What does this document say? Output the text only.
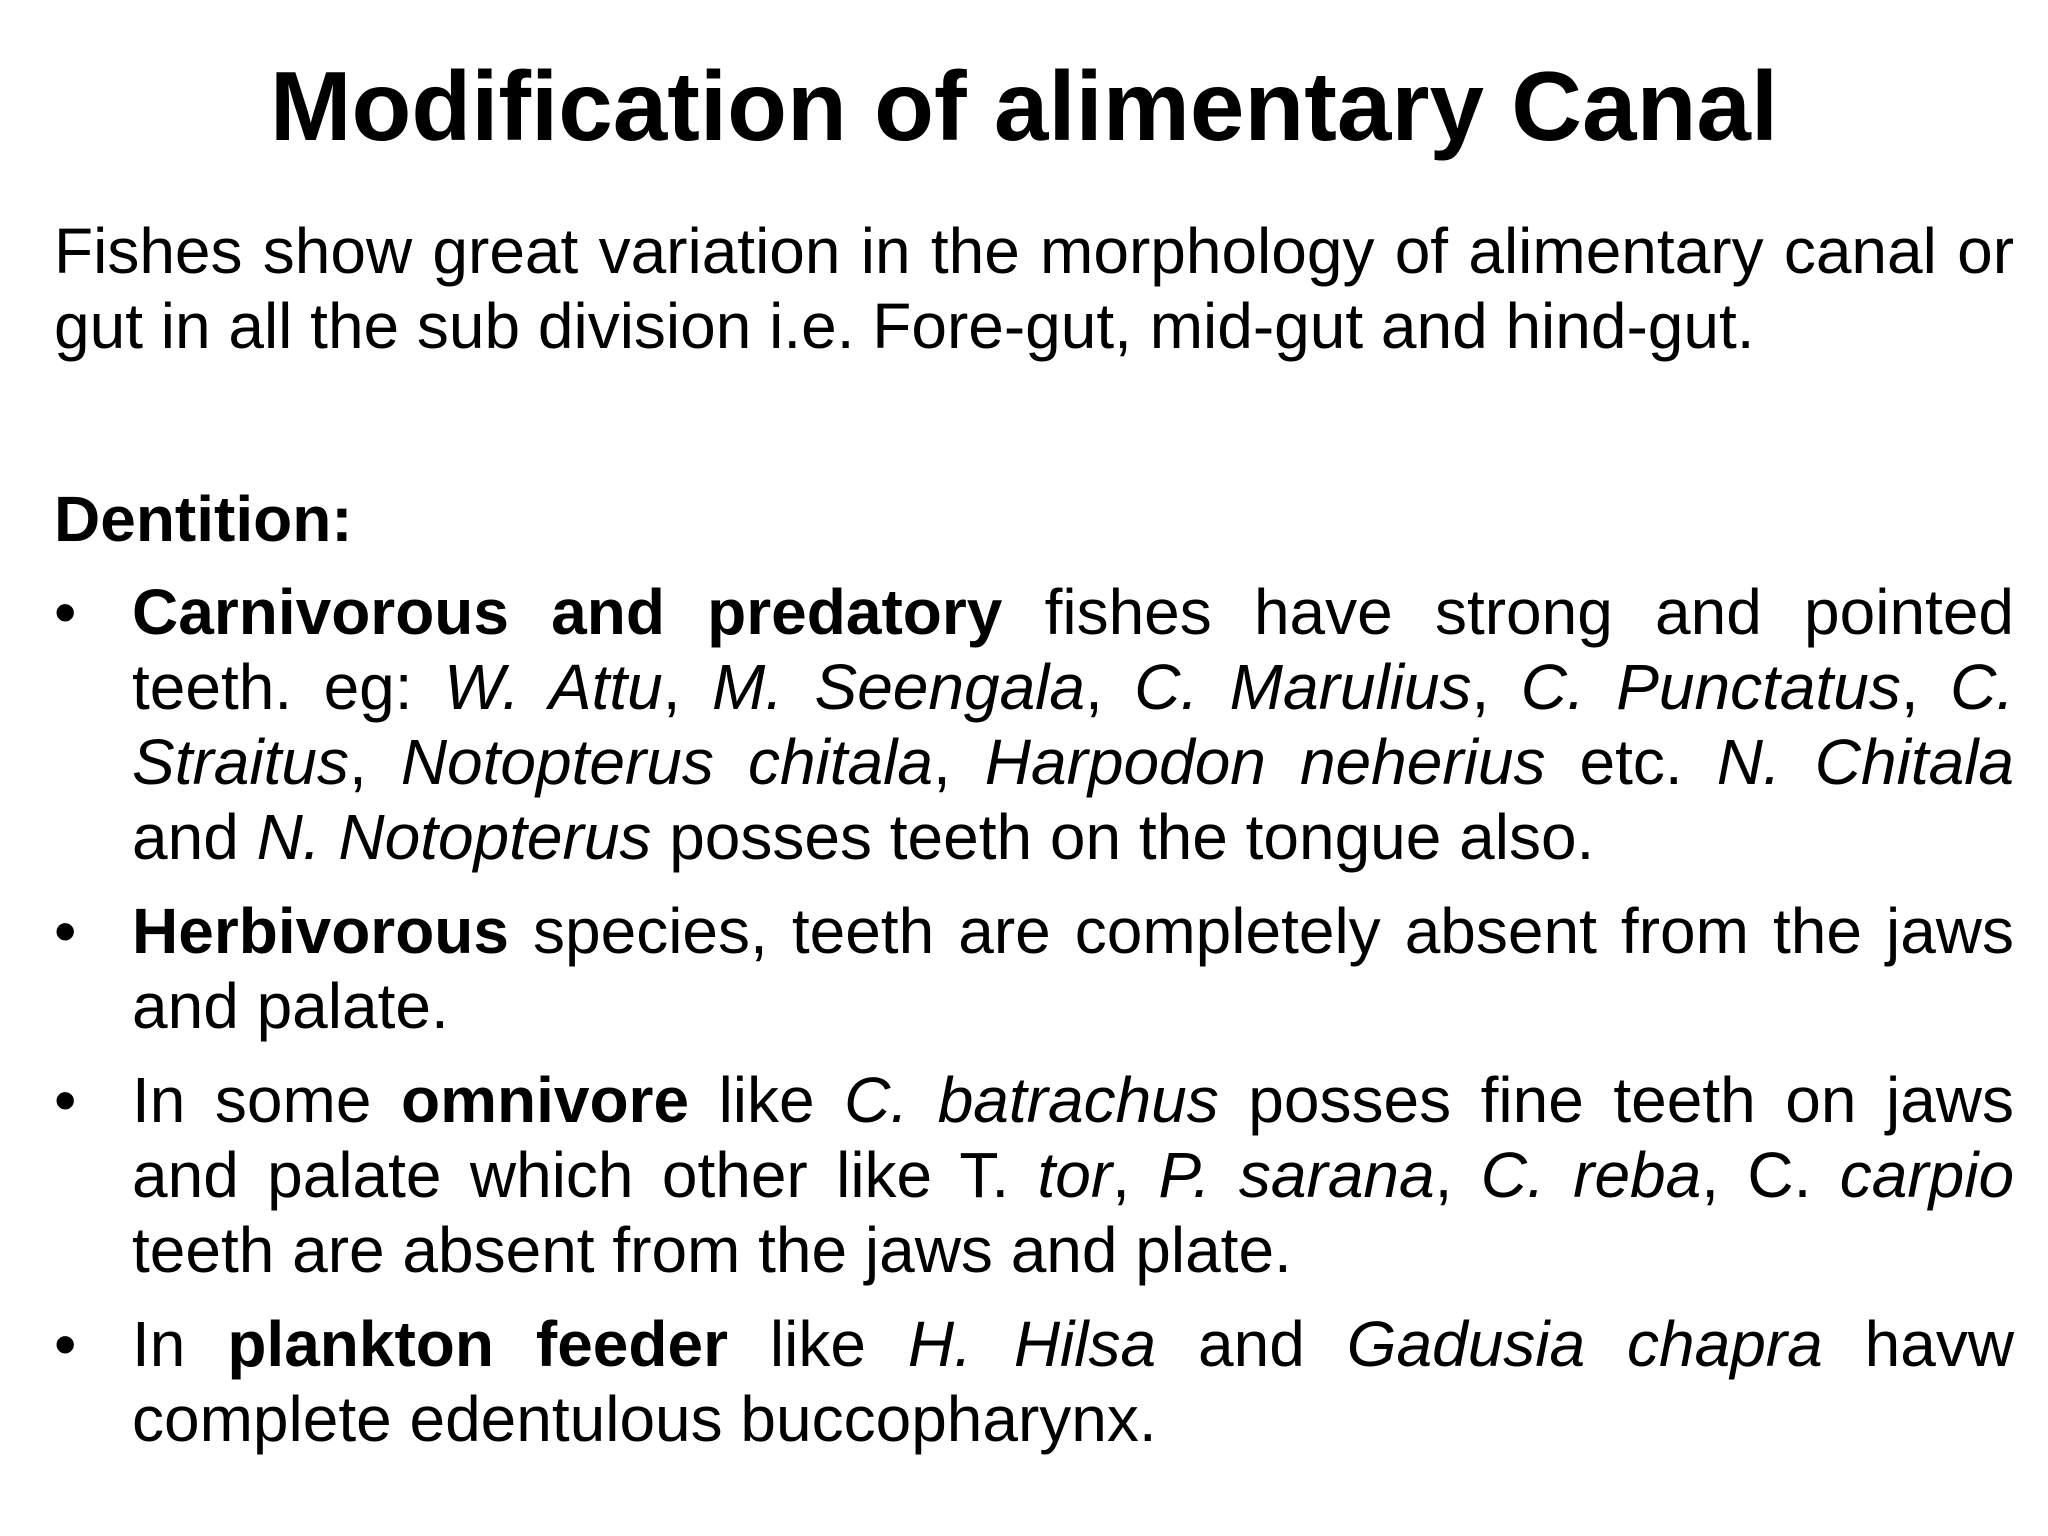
Modification of alimentary Canal

Fishes show great variation in the morphology of alimentary canal or gut in all the sub division i.e. Fore-gut, mid-gut and hind-gut.

Dentition:
• Carnivorous and predatory fishes have strong and pointed teeth. eg: W. Attu, M. Seengala, C. Marulius, C. Punctatus, C. Straitus, Notopterus chitala, Harpodon neherius etc. N. Chitala and N. Notopterus posses teeth on the tongue also.
• Herbivorous species, teeth are completely absent from the jaws and palate.
• In some omnivore like C. batrachus posses fine teeth on jaws and palate which other like T. tor, P. sarana, C. reba, C. carpio teeth are absent from the jaws and plate.
• In plankton feeder like H. Hilsa and Gadusia chapra havw complete edentulous buccopharynx.
